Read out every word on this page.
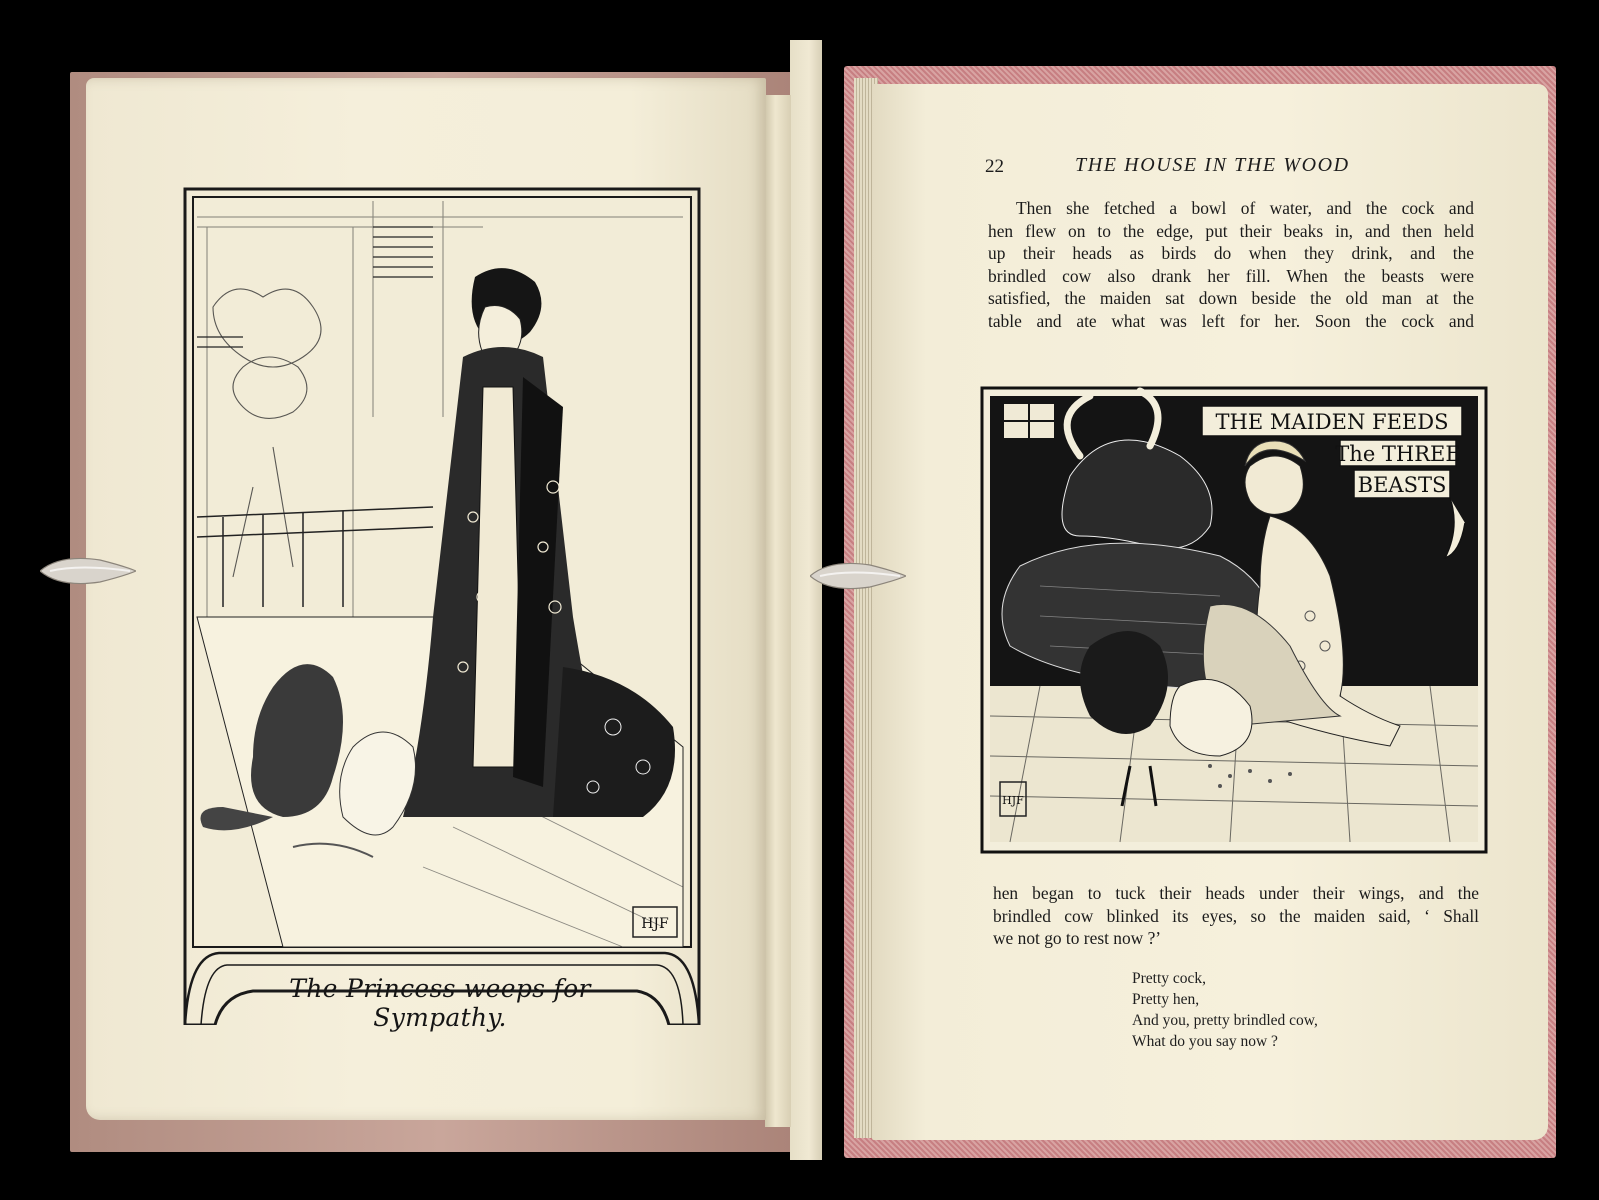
HJF
The Princess weeps for Sympathy.
22	THE HOUSE IN THE WOOD
Then she fetched a bowl of water, and the cock and
hen flew on to the edge, put their beaks in, and then held
up their heads as birds do when they drink, and the
brindled cow also drank her fill. When the beasts were
satisfied, the maiden sat down beside the old man at the
table and ate what was left for her. Soon the cock and
THE MAIDEN FEEDS
The THREE
BEASTS
HJF
hen began to tuck their heads under their wings, and the
brindled cow blinked its eyes, so the maiden said, ‘ Shall
we not go to rest now ?’
Pretty cock,
Pretty hen,
And you, pretty brindled cow,
What do you say now ?
